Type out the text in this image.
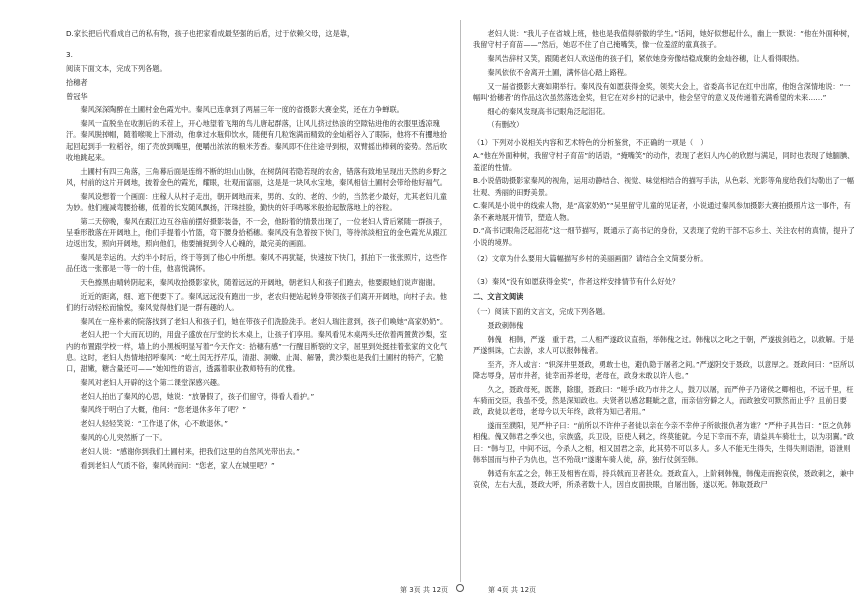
D.家长把后代看成自己的私有物，孩子也把家看成最坚强的后盾，过于依赖父母，这是靠，

3.

阅读下面文本，完成下列各题。

拾穗者

曾冠华

秦风深深陶醉在土圃村金色霞光中。秦风已连拿到了两届三年一度的省摄影大赛金奖，还在力争蝉联。

秦风一直脱坐在收割后的禾茬上，开心地望着飞翔的鸟儿唐起群落，让风儿挤过热浪的空隙钻进他的衣服里透凉瑰汗。秦风脱掉帽，随着喉咙上下滑动，他拿过水瓶仰饮水，随便有几粒饱满而精致的金灿稻谷入了眼际，他将不有攫地拾起回起到手一粒稻谷，细了壳放到嘴里，便嚼出浓浓的粮米芳香。秦风即不住往途寻到根，双臂摇出棒刺的姿势。然后吹收地跳起来。

土圃村有四三角落，三角幕后面是连绵不断的坦山山脉，在树荫间若隐若现的农舍，错落有致地呈现出天然的乡野之风，村前的这片开阔地，披着金色的霞光，耀眼，壮观而富丽，这是是一块风水宝地，秦风相信土圃村会带给他好福气。

秦风设想着一个画面：庄稼人从村子走出，朝开阔地而来，男的、女的、老的、少的，当然老少最好，尤其老妇儿童为妙。他们瘦减弯腰拾穗，低着的长发随风飘扬，汗珠挂脸，勤快的奸手鸣啄米般拾起散落地上的谷粒。

第二天傍晚，秦风在跟江边互谷庙前摆好摄影装备，不一会，他盼着的情景出现了，一位老妇人背后紧随一群孩子，呈垂形散落在开阔地上，他们手提着小竹篮，弯下腰身拾稻穗。秦风没有急着按下快门，等待浓淡相宜的金色霞光从跟江边返出发，照向开阔地，照向他们，他要捕捉到令人心魄的，最完美的画面。

秦风是幸运的。大约半小时后，终于等到了他心中所想。秦风不再犹疑，快速按下快门，抓拍下一张张照片，这些作品任选一张都是一等一的十佳，他喜悦满怀。

天色擦黑由晴转阴起来，秦风收拾摄影家伙，随着远远的开阔地，朝老妇人和孩子们跑去，他要跟她们说声谢谢。

近近的距离，细、遮下便要下了。秦风远远没有跑出一步，老农归便站起转身带领孩子们离开开阔地，向村子去。他们的行动轻松而愉悦，秦风觉得他们是一群有趣的人。

秦风在一座朴素的院落找到了老妇人和孩子们，她在带孩子们洗脸洗手。老妇人瑞注意到，孩子们喚她“高家奶奶”。

老妇人把一个大而瓦切的，用盘子盛放在厅堂的长木桌上，让孩子们享用。秦风看见木桌两头还依着两置黄沙梨，室内的布置跟学校一样，墙上的小黑板明显写着“今天作文：拾穗有感”一行醒目断裂的文字，屈里到处挺挂着张家的文化气息。这时，老妇人热情地招呼秦风：“屹土闰无抒芹瓜，清甜、洞嫩、止渴、解暑，黄沙梨也是我们土圃村的特产，它脆口，甜嫩，糖含量还可——”她知性的语言，透露着职业教师特有的优雅。

秦风对老妇人开辟的这个第二课堂深感兴趣。

老妇人拍出了秦风的心思，她说：“放暑假了，孩子们留守，得看人看护。”

秦风终于明白了大概，他问：“您老退休多年了吧？”

老妇人轻轻笑说：“工作退了休，心不敢退休。”

秦风的心儿突然断了一下。

老妇人说：“感谢你到我们土圃村来，把我们这里的自然风光带出去。”

看到老妇人气质不俗，秦风转而问：“您老，家人在城里吧？”

老妇人说：“我儿子在省城上班，他也是我值得骄傲的学生。”话间，她好似想起什么，幽上一默说：“他在外面种树，我留守村子育苗——”然后，她忍不住了自己掩嘴笑，像一位羞涩的童真孩子。

秦风告辞村又笑，跟随老妇人欢送他的孩子们，紧依她身旁像结稳成聚的金灿谷穗，让人看得眼热。

秦风依依不舍离开土圃，满怀信心踏上路程。

又一届省摄影大赛如期举行。秦风没有如愿获得金奖，领奖大会上，省委高书记在红中出席，他饱含深情地说：“一幅叫‘拾穗者’的作品这次虽然落选金奖，但它在对乡村的记录中，他会坚守的意义及传递着充满希望的未来……”

细心的秦风发现高书记眼角泛起泪花。

（有删改）

（1）下列对小说相关内容和艺术特色的分析鉴赏，不正确的一项是（　）

A.“他在外面种树，我留守村子育苗”的话语，“掩嘴笑”的动作，表现了老妇人内心的欣慰与满足，同时也表现了她腼腆、羞涩的性情。

B.小说借助摄影家秦风的视角，运用动静结合、视觉、味觉相结合的描写手法，从色彩、光影等角度给我们勾勒出了一幅壮观、秀丽的田野美景。

C.秦风是小说中的线索人物，是“高家奶奶”“吴里留守儿童的见证者，小说通过秦风参加摄影大赛拍摄照片这一事件，有条不紊地展开情节，塑造人物。

D.“高书记眼角泛起泪花”这一细节描写，既通示了高书记的身份，又表现了党的干部不忘乡土、关注农村的真情，提升了小说的境界。

（2）文章为什么要用大篇幅描写乡村的美丽画面？请结合全文简要分析。

（3）秦风“没有如愿获得金奖”，作者这样安排情节有什么好处？

二、文言文阅读

（一）阅读下面的文言文，完成下列各题。

聂政刺韩傀

韩傀　相韩，严遂　重于君，二人相严遂政议直指，举韩傀之过。韩傀以之叱之于朝，严遂拔剑趋之，以救解。于是严遂惧诛，亡去游，求人可以报韩傀者。

至齐，齐人或言：“轵深井里聂政，勇敢士也，避仇隐于屠者之间。”严遂阴交于聂政，以意厚之。聂政问曰：“臣所以降志辱身，居市井者，徒幸而养老母，老母在，政身未敢以许人也。”

久之，聂政母死，既葬，除服，聂政曰：“嗟乎!政乃市井之人，鼓刀以屠，而严仲子乃诸侯之卿相也，不远千里，枉车骑而交臣，我虽不受，然是深知政也。夫贤者以感忿睚眦之意，而亲信穷僻之人，而政独安可默然而止乎？且前日要政，政徒以老母，老母今以天年终，政将为知己者用。”

遂而至濮阳，见严仲子曰：“前所以不许仲子者徒以亲在今亲不幸仲子所欲报仇者为谁？”严仲子具告曰：“臣之仇韩相傀。傀又韩君之季父也，宗族盛，兵卫设，臣使人刺之，终莫能就。今足下幸而不弃，请益具车骑壮士，以为羽翼。”政曰：“韩与卫，中间不远，今杀人之相，相又国君之亲，此其势不可以多人。多人不能无生得失，生得失则语泄，语泄则韩举国而与仲子为仇也，岂不殆哉!”遂谢车骑人徒，辞，独行仗剑至韩。

韩适有东孟之会，韩王及相皆在焉，持兵戟而卫者甚众。聂政直入，上阶刺韩傀，韩傀走而抱哀侯，聂政刺之，兼中哀侯，左右大乱，聂政大呼，所杀者数十人，因自皮面抉眼，自屠出肠，遂以死。韩取聂政尸

第 3页 共 12页	第 4页 共 12页
